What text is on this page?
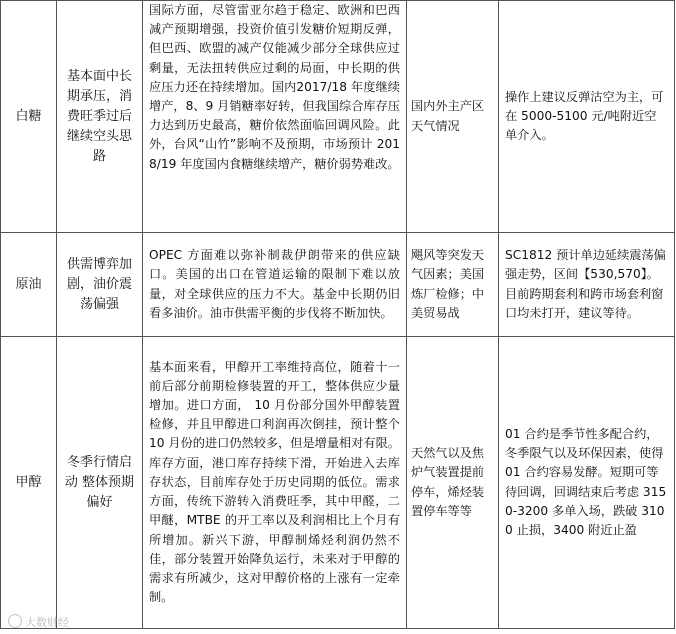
白糖	基本面中长期承压，消费旺季过后继续空头思路	国际方面，尽管雷亚尔趋于稳定、欧洲和巴西减产预期增强，投资价值引发糖价短期反弹，但巴西、欧盟的减产仅能减少部分全球供应过剩量，无法扭转供应过剩的局面，中长期的供应压力还在持续增加。国内2017/18 年度继续增产，8、9 月销糖率好转，但我国综合库存压力达到历史最高，糖价依然面临回调风险。此外，台风“山竹”影响不及预期，市场预计 2018/19 年度国内食糖继续增产，糖价弱势难改。	国内外主产区天气情况	操作上建议反弹沽空为主，可在 5000-5100 元/吨附近空单介入。
原油	供需博弈加剧，油价震荡偏强	OPEC 方面难以弥补制裁伊朗带来的供应缺口。美国的出口在管道运输的限制下难以放量，对全球供应的压力不大。基金中长期仍旧看多油价。油市供需平衡的步伐将不断加快。	飓风等突发天气因素；美国炼厂检修；中美贸易战	SC1812 预计单边延续震荡偏强走势，区间【530,570】。目前跨期套利和跨市场套利窗口均未打开，建议等待。
甲醇	冬季行情启动 整体预期偏好	基本面来看，甲醇开工率维持高位，随着十一前后部分前期检修装置的开工，整体供应少量增加。进口方面， 10 月份部分国外甲醇装置检修，并且甲醇进口利润再次倒挂，预计整个 10 月份的进口仍然较多，但是增量相对有限。库存方面，港口库存持续下滑，开始进入去库存状态，目前库存处于历史同期的低位。需求方面，传统下游转入消费旺季，其中甲醛，二甲醚，MTBE 的开工率以及利润相比上个月有所增加。新兴下游，甲醇制烯烃利润仍然不佳，部分装置开始降负运行，未来对于甲醇的需求有所减少，这对甲醇价格的上涨有一定牵制。	天然气以及焦炉气装置提前停车，烯烃装置停车等等	01 合约是季节性多配合约，冬季限气以及环保因素，使得 01 合约容易发酵。短期可等待回调，回调结束后考虑 3150-3200 多单入场，跌破 3100 止损，3400 附近止盈
大数财经
